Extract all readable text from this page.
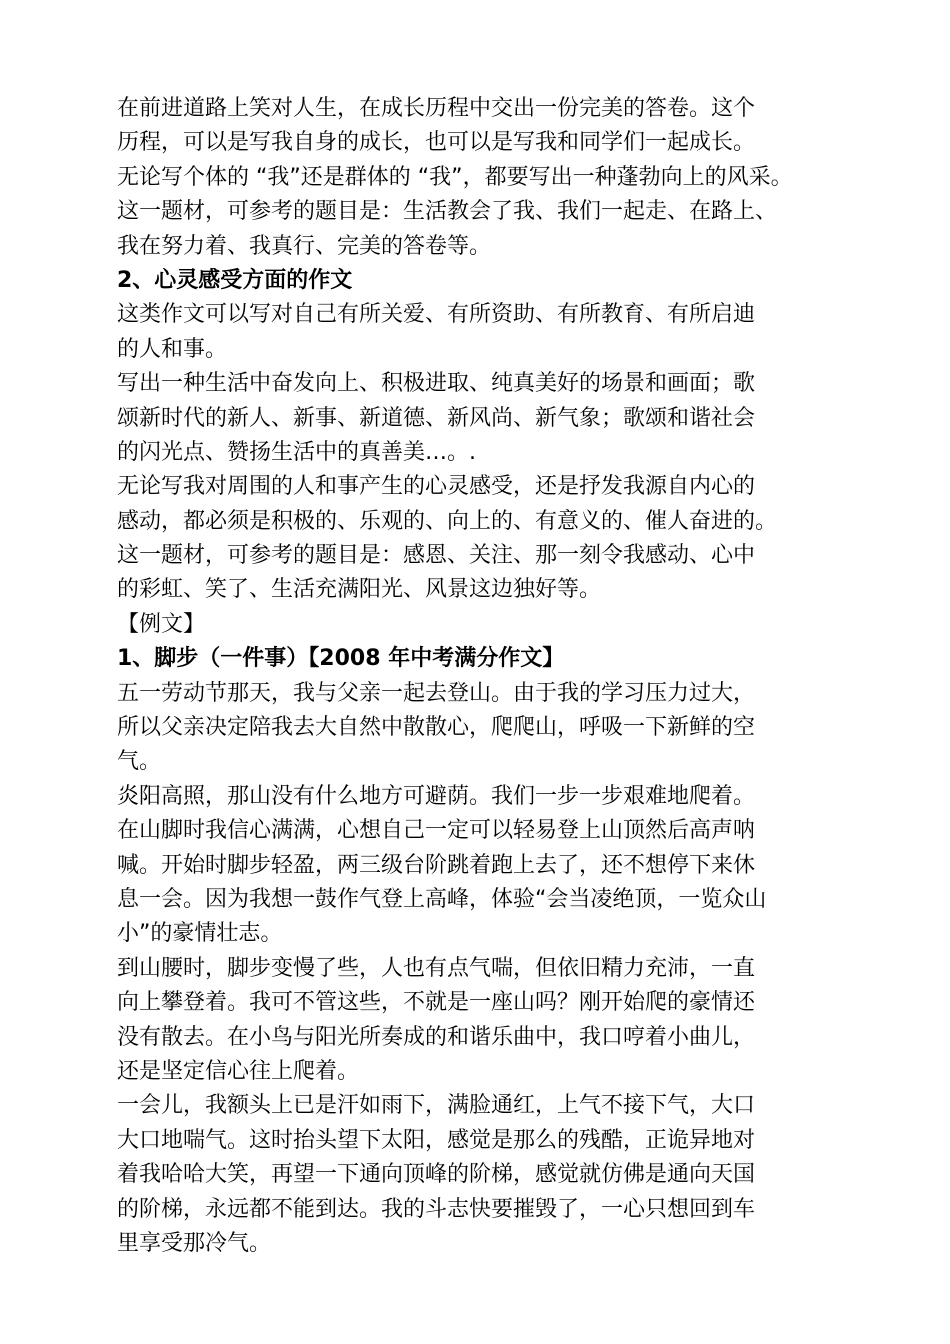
在前进道路上笑对人生，在成长历程中交出一份完美的答卷。这个
历程，可以是写我自身的成长，也可以是写我和同学们一起成长。
无论写个体的 “我”还是群体的 “我”，都要写出一种蓬勃向上的风采。
这一题材，可参考的题目是：生活教会了我、我们一起走、在路上、
我在努力着、我真行、完美的答卷等。
2、心灵感受方面的作文
这类作文可以写对自己有所关爱、有所资助、有所教育、有所启迪
的人和事。
写出一种生活中奋发向上、积极进取、纯真美好的场景和画面；歌
颂新时代的新人、新事、新道德、新风尚、新气象；歌颂和谐社会
的闪光点、赞扬生活中的真善美…。.
无论写我对周围的人和事产生的心灵感受，还是抒发我源自内心的
感动，都必须是积极的、乐观的、向上的、有意义的、催人奋进的。
这一题材，可参考的题目是：感恩、关注、那一刻令我感动、心中
的彩虹、笑了、生活充满阳光、风景这边独好等。
【例文】
1、脚步（一件事）【2008 年中考满分作文】
五一劳动节那天，我与父亲一起去登山。由于我的学习压力过大，
所以父亲决定陪我去大自然中散散心，爬爬山，呼吸一下新鲜的空
气。
炎阳高照，那山没有什么地方可避荫。我们一步一步艰难地爬着。
在山脚时我信心满满，心想自己一定可以轻易登上山顶然后高声呐
喊。开始时脚步轻盈，两三级台阶跳着跑上去了，还不想停下来休
息一会。因为我想一鼓作气登上高峰，体验“会当凌绝顶，一览众山
小”的豪情壮志。
到山腰时，脚步变慢了些，人也有点气喘，但依旧精力充沛，一直
向上攀登着。我可不管这些，不就是一座山吗？刚开始爬的豪情还
没有散去。在小鸟与阳光所奏成的和谐乐曲中，我口哼着小曲儿，
还是坚定信心往上爬着。
一会儿，我额头上已是汗如雨下，满脸通红，上气不接下气，大口
大口地喘气。这时抬头望下太阳，感觉是那么的残酷，正诡异地对
着我哈哈大笑，再望一下通向顶峰的阶梯，感觉就仿佛是通向天国
的阶梯，永远都不能到达。我的斗志快要摧毁了，一心只想回到车
里享受那冷气。
